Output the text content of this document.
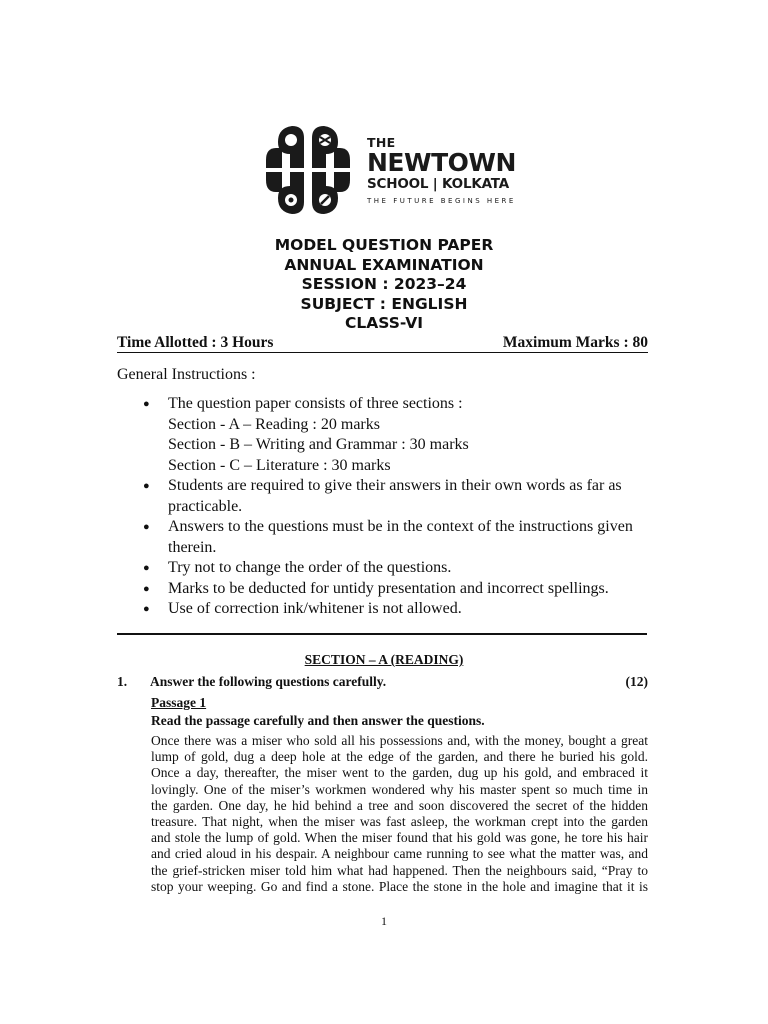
THE
NEWTOWN
SCHOOL | KOLKATA
THE FUTURE BEGINS HERE
MODEL QUESTION PAPER
ANNUAL EXAMINATION
SESSION : 2023–24
SUBJECT : ENGLISH
CLASS-VI
Time Allotted : 3 Hours	Maximum Marks : 80

General Instructions :
● The question paper consists of three sections :
Section - A – Reading : 20 marks
Section - B – Writing and Grammar : 30 marks
Section - C – Literature : 30 marks
● Students are required to give their answers in their own words as far as
practicable.
● Answers to the questions must be in the context of the instructions given
therein.
● Try not to change the order of the questions.
● Marks to be deducted for untidy presentation and incorrect spellings.
● Use of correction ink/whitener is not allowed.
SECTION – A (READING)
1. Answer the following questions carefully.	(12)

Passage 1
Read the passage carefully and then answer the questions.
Once there was a miser who sold all his possessions and, with the money, bought a great
lump of gold, dug a deep hole at the edge of the garden, and there he buried his gold.
Once a day, thereafter, the miser went to the garden, dug up his gold, and embraced it
lovingly. One of the miser’s workmen wondered why his master spent so much time in
the garden. One day, he hid behind a tree and soon discovered the secret of the hidden
treasure. That night, when the miser was fast asleep, the workman crept into the garden
and stole the lump of gold. When the miser found that his gold was gone, he tore his hair
and cried aloud in his despair. A neighbour came running to see what the matter was, and
the grief-stricken miser told him what had happened. Then the neighbours said, “Pray to
stop your weeping. Go and find a stone. Place the stone in the hole and imagine that it is
1
